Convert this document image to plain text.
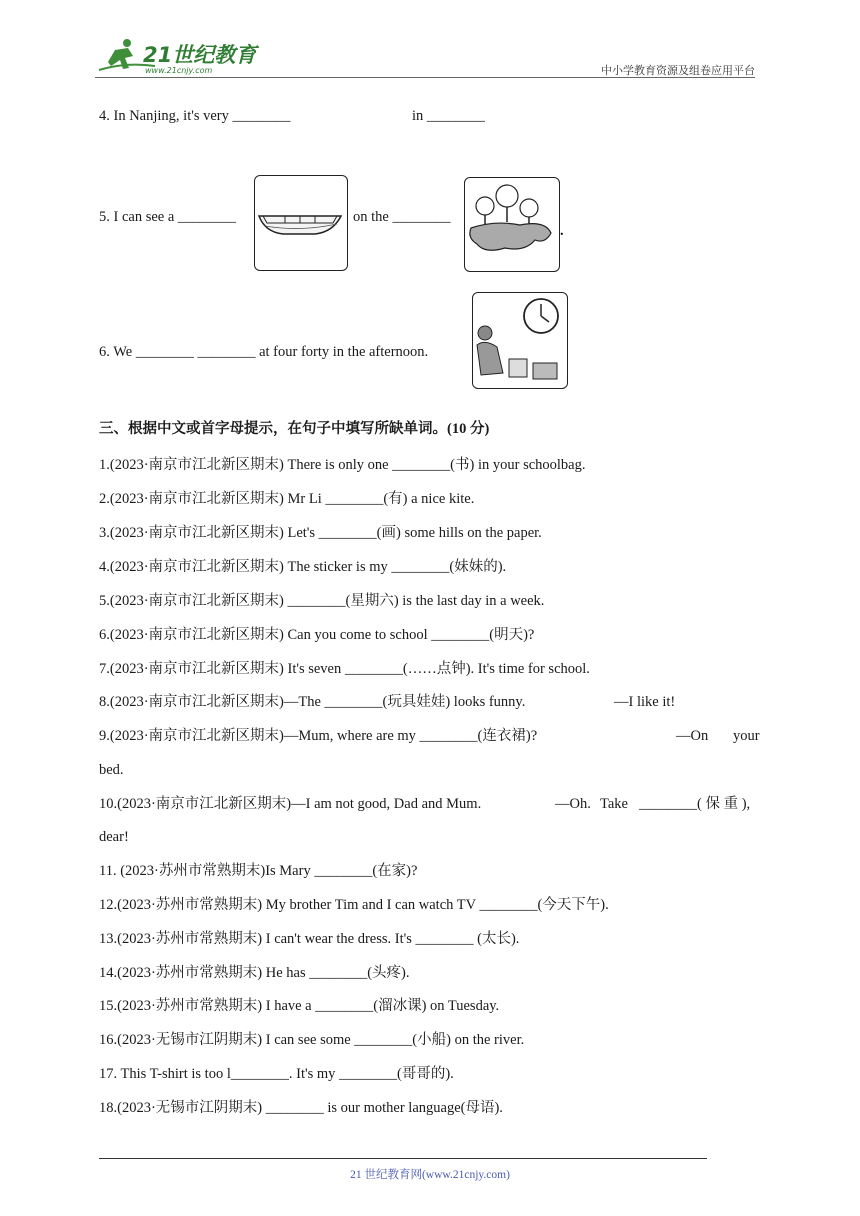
21世纪教育
www.21cnjy.com	中小学教育资源及组卷应用平台
4. In Nanjing, it's very ________	in ________
5. I can see a ________	on the ________
.
6. We ________ ________ at four forty in the afternoon.
三、根据中文或首字母提示，在句子中填写所缺单词。(10 分)
1.(2023·南京市江北新区期末) There is only one ________(书) in your schoolbag.
2.(2023·南京市江北新区期末) Mr Li ________(有) a nice kite.
3.(2023·南京市江北新区期末) Let's ________(画) some hills on the paper.
4.(2023·南京市江北新区期末) The sticker is my ________(妹妹的).
5.(2023·南京市江北新区期末) ________(星期六) is the last day in a week.
6.(2023·南京市江北新区期末) Can you come to school ________(明天)?
7.(2023·南京市江北新区期末) It's seven ________(……点钟). It's time for school.
8.(2023·南京市江北新区期末)—The ________(玩具娃娃) looks funny.	—I like it!
9.(2023·南京市江北新区期末)—Mum, where are my ________(连衣裙)?	—On your
bed.
10.(2023·南京市江北新区期末)—I am not good, Dad and Mum.	—Oh. Take ________( 保 重 ),
dear!
11. (2023·苏州市常熟期末)Is Mary ________(在家)?
12.(2023·苏州市常熟期末) My brother Tim and I can watch TV ________(今天下午).
13.(2023·苏州市常熟期末) I can't wear the dress. It's ________ (太长).
14.(2023·苏州市常熟期末) He has ________(头疼).
15.(2023·苏州市常熟期末) I have a ________(溜冰课) on Tuesday.
16.(2023·无锡市江阴期末) I can see some ________(小船) on the river.
17. This T-shirt is too l________. It's my ________(哥哥的).
18.(2023·无锡市江阴期末) ________ is our mother language(母语).
21 世纪教育网(www.21cnjy.com)
